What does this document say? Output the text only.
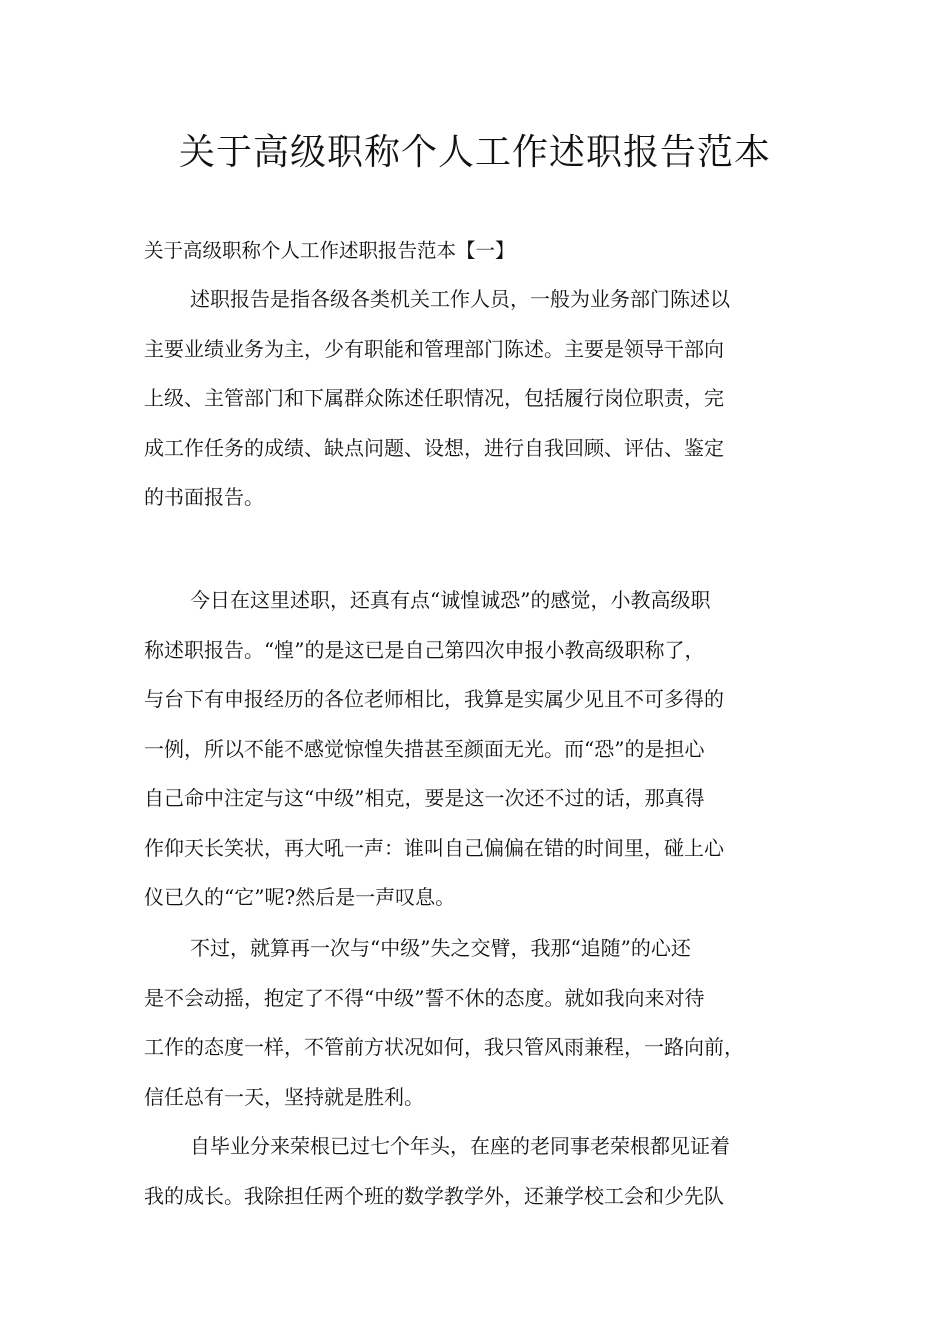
关于高级职称个人工作述职报告范本
关于高级职称个人工作述职报告范本【一】
述职报告是指各级各类机关工作人员，一般为业务部门陈述以
主要业绩业务为主，少有职能和管理部门陈述。主要是领导干部向
上级、主管部门和下属群众陈述任职情况，包括履行岗位职责，完
成工作任务的成绩、缺点问题、设想，进行自我回顾、评估、鉴定
的书面报告。
今日在这里述职，还真有点“诚惶诚恐”的感觉，小教高级职
称述职报告。“惶”的是这已是自己第四次申报小教高级职称了，
与台下有申报经历的各位老师相比，我算是实属少见且不可多得的
一例，所以不能不感觉惊惶失措甚至颜面无光。而“恐”的是担心
自己命中注定与这“中级”相克，要是这一次还不过的话，那真得
作仰天长笑状，再大吼一声：谁叫自己偏偏在错的时间里，碰上心
仪已久的“它”呢?然后是一声叹息。
不过，就算再一次与“中级”失之交臂，我那“追随”的心还
是不会动摇，抱定了不得“中级”誓不休的态度。就如我向来对待
工作的态度一样，不管前方状况如何，我只管风雨兼程，一路向前，
信任总有一天，坚持就是胜利。
自毕业分来荣根已过七个年头，在座的老同事老荣根都见证着
我的成长。我除担任两个班的数学教学外，还兼学校工会和少先队
